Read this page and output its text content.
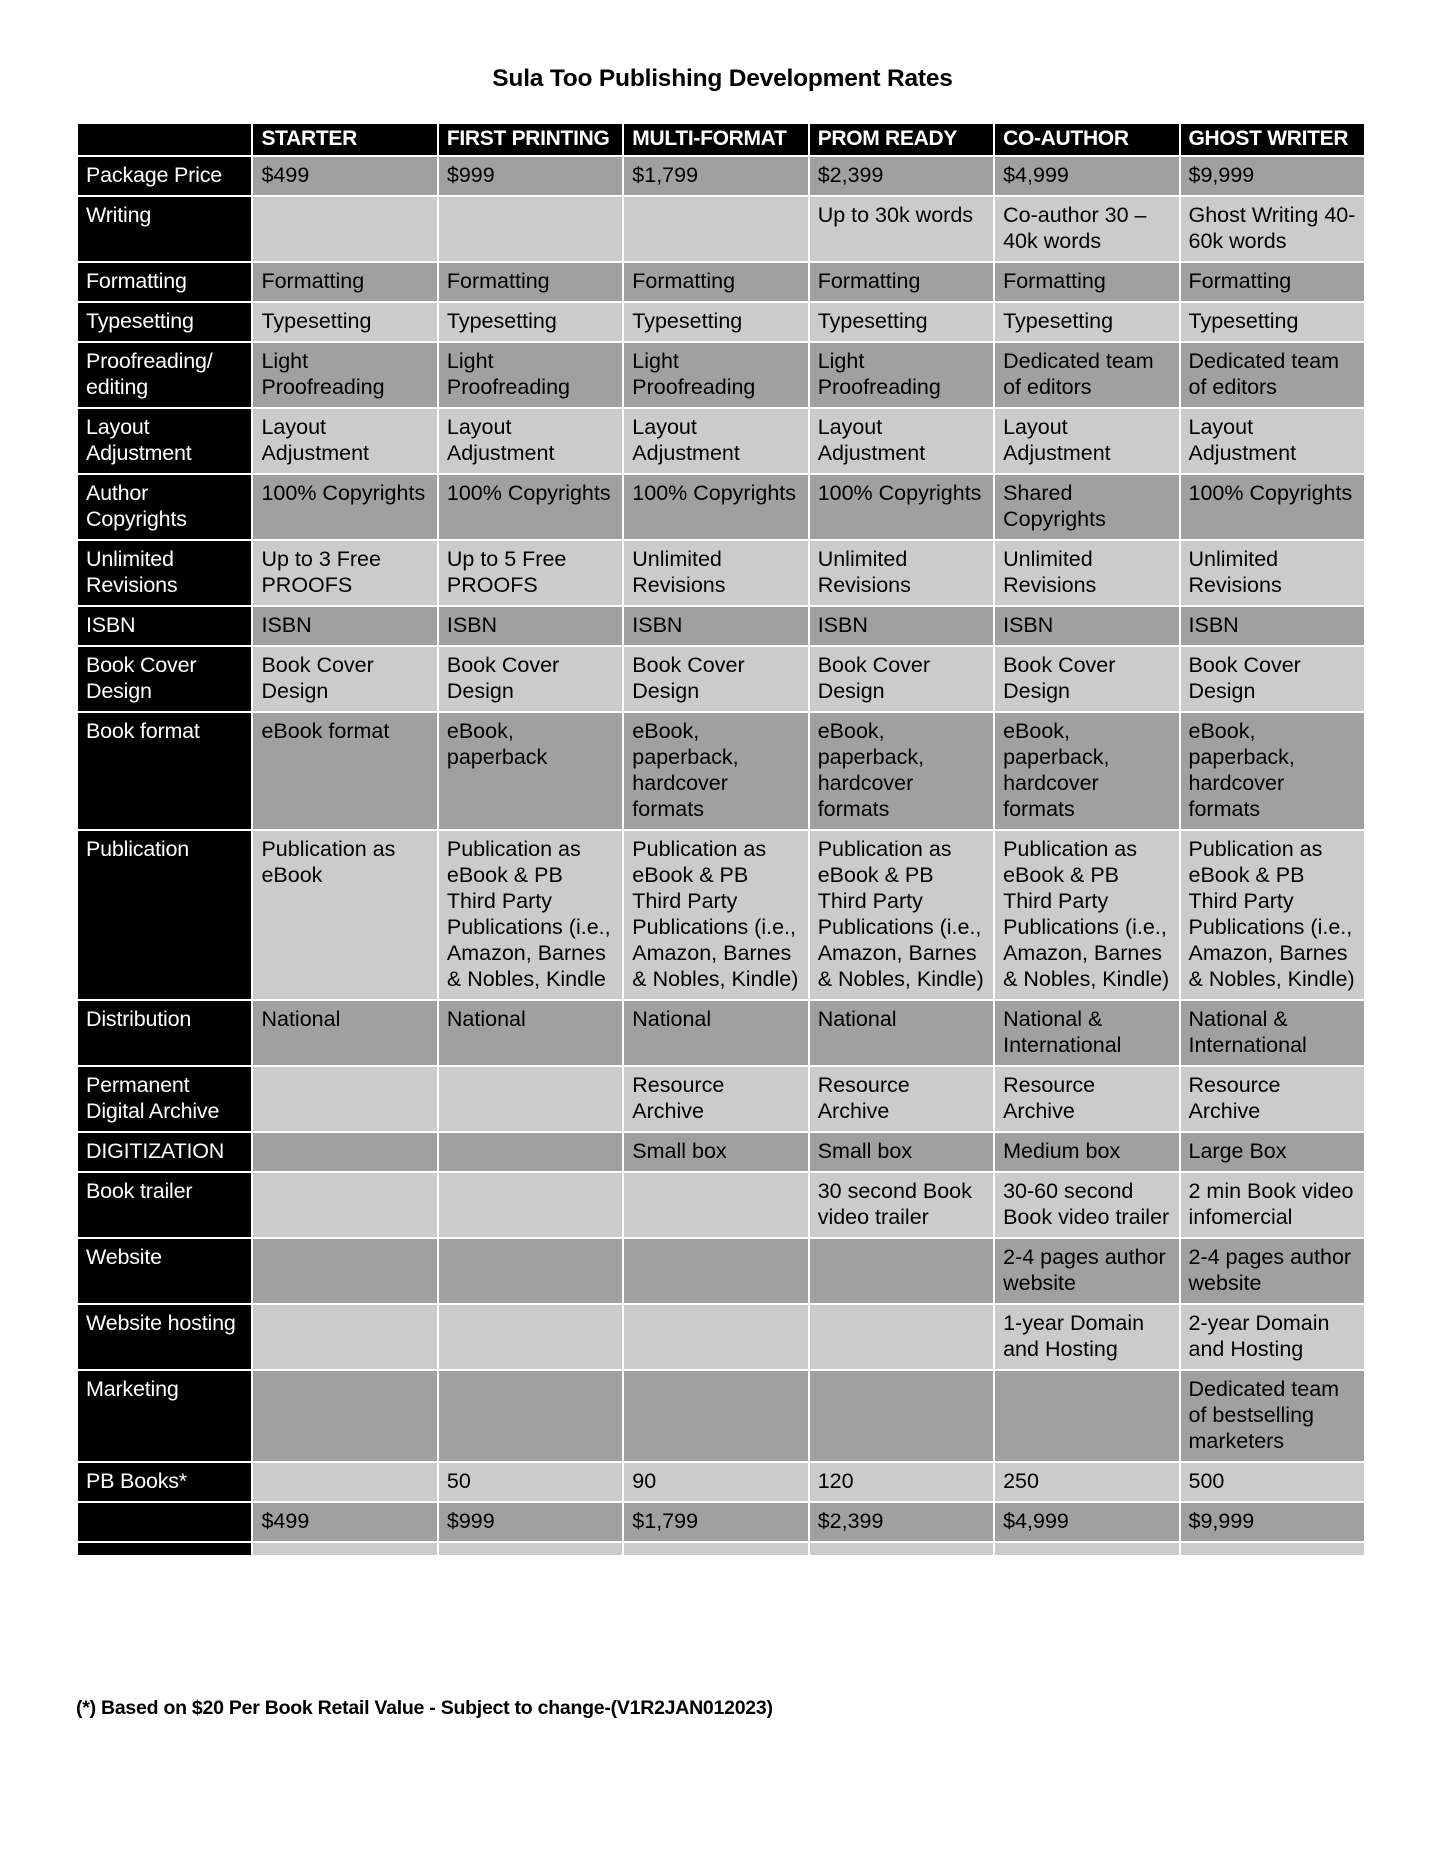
Sula Too Publishing Development Rates
	STARTER	FIRST PRINTING	MULTI-FORMAT	PROM READY	CO-AUTHOR	GHOST WRITER
Package Price	$499	$999	$1,799	$2,399	$4,999	$9,999
Writing				Up to 30k words	Co-author 30 – 40k words	Ghost Writing 40-60k words
Formatting	Formatting	Formatting	Formatting	Formatting	Formatting	Formatting
Typesetting	Typesetting	Typesetting	Typesetting	Typesetting	Typesetting	Typesetting
Proofreading/ editing	Light Proofreading	Light Proofreading	Light Proofreading	Light Proofreading	Dedicated team of editors	Dedicated team of editors
Layout Adjustment	Layout Adjustment	Layout Adjustment	Layout Adjustment	Layout Adjustment	Layout Adjustment	Layout Adjustment
Author Copyrights	100% Copyrights	100% Copyrights	100% Copyrights	100% Copyrights	Shared Copyrights	100% Copyrights
Unlimited Revisions	Up to 3 Free PROOFS	Up to 5 Free PROOFS	Unlimited Revisions	Unlimited Revisions	Unlimited Revisions	Unlimited Revisions
ISBN	ISBN	ISBN	ISBN	ISBN	ISBN	ISBN
Book Cover Design	Book Cover Design	Book Cover Design	Book Cover Design	Book Cover Design	Book Cover Design	Book Cover Design
Book format	eBook format	eBook, paperback	eBook, paperback, hardcover formats	eBook, paperback, hardcover formats	eBook, paperback, hardcover formats	eBook, paperback, hardcover formats
Publication	Publication as eBook	Publication as eBook & PB Third Party Publications (i.e., Amazon, Barnes & Nobles, Kindle	Publication as eBook & PB Third Party Publications (i.e., Amazon, Barnes & Nobles, Kindle)	Publication as eBook & PB Third Party Publications (i.e., Amazon, Barnes & Nobles, Kindle)	Publication as eBook & PB Third Party Publications (i.e., Amazon, Barnes & Nobles, Kindle)	Publication as eBook & PB Third Party Publications (i.e., Amazon, Barnes & Nobles, Kindle)
Distribution	National	National	National	National	National & International	National & International
Permanent Digital Archive			Resource Archive	Resource Archive	Resource Archive	Resource Archive
DIGITIZATION			Small box	Small box	Medium box	Large Box
Book trailer				30 second Book video trailer	30-60 second Book video trailer	2 min Book video infomercial
Website					2-4 pages author website	2-4 pages author website
Website hosting					1-year Domain and Hosting	2-year Domain and Hosting
Marketing						Dedicated team of bestselling marketers
PB Books*		50	90	120	250	500
	$499	$999	$1,799	$2,399	$4,999	$9,999

(*) Based on $20 Per Book Retail Value - Subject to change-(V1R2JAN012023)
